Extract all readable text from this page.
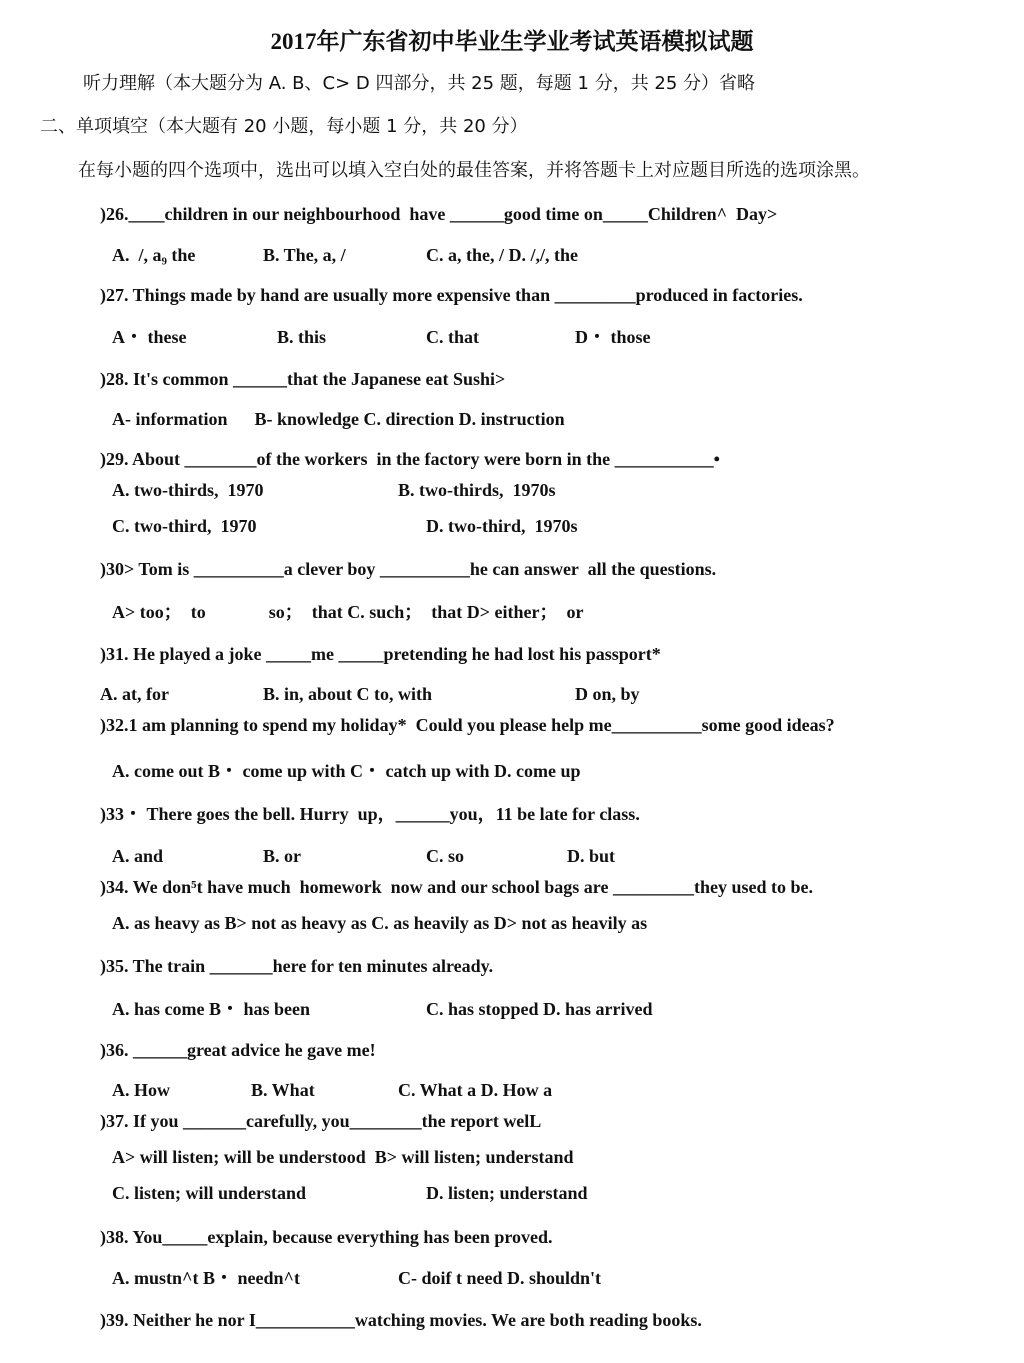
2017年广东省初中毕业生学业考试英语模拟试题
听力理解（本大题分为 A. B、C> D 四部分，共 25 题，每题 1 分，共 25 分）省略
二、单项填空（本大题有 20 小题，每小题 1 分，共 20 分）
在每小题的四个选项中，选出可以填入空白处的最佳答案，并将答题卡上对应题目所选的选项涂黑。
)26.____children in our neighbourhood  have ______good time on_____Children^  Day>
A.  /, a₉ the	B. The, a, /	C. a, the, / D. /,/, the
)27. Things made by hand are usually more expensive than _________produced in factories.
A・ these	B. this	C. that	D・ those
)28. It's common ______that the Japanese eat Sushi>
A- information      B- knowledge C. direction D. instruction
)29. About ________of the workers  in the factory were born in the ___________•
A. two-thirds,  1970	B. two-thirds,  1970s
C. two-third,  1970	D. two-third,  1970s
)30> Tom is __________a clever boy __________he can answer  all the questions.
A> too；  to              so；  that C. such；  that D> either；  or
)31. He played a joke _____me _____pretending he had lost his passport*
A. at, for	B. in, about C to, with	D on, by
)32.1 am planning to spend my holiday*  Could you please help me__________some good ideas?
A. come out B・ come up with C・ catch up with D. come up
)33・ There goes the bell. Hurry  up，______you，11 be late for class.
A. and	B. or	C. so	D. but
)34. We don⁵t have much  homework  now and our school bags are _________they used to be.
A. as heavy as B> not as heavy as C. as heavily as D> not as heavily as
)35. The train _______here for ten minutes already.
A. has come B・ has been	C. has stopped D. has arrived
)36. ______great advice he gave me!
A. How	B. What	C. What a D. How a
)37. If you _______carefully, you________the report welL
A> will listen; will be understood  B> will listen; understand
C. listen; will understand	D. listen; understand
)38. You_____explain, because everything has been proved.
A. mustn^t B・ needn^t	C- doif t need D. shouldn't
)39. Neither he nor I___________watching movies. We are both reading books.
